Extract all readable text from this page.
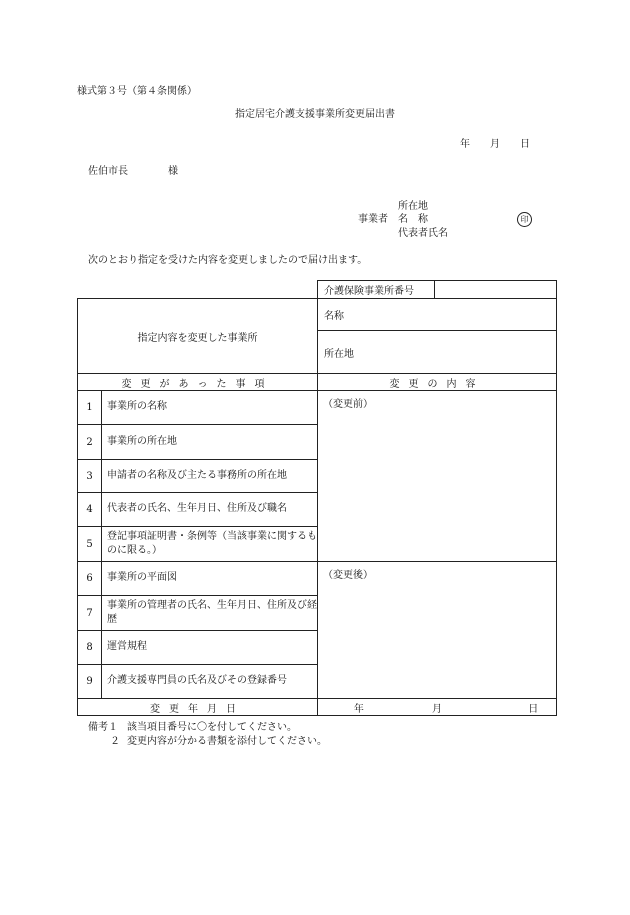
様式第３号（第４条関係）
指定居宅介護支援事業所変更届出書
年 月 日
佐伯市長	様
所在地
事業者 名　称
代表者氏名
印
次のとおり指定を受けた内容を変更しましたので届け出ます。
		介護保険事業所番号	
指定内容を変更した事業所		名称	
		所在地	
変更があった事項		変更の内容	
1	事業所の名称	（変更前）	
2	事業所の所在地		
3	申請者の名称及び主たる事務所の所在地		
4	代表者の氏名、生年月日、住所及び職名		
5	登記事項証明書・条例等（当該事業に関するものに限る。）		
6	事業所の平面図	（変更後）	
7	事業所の管理者の氏名、生年月日、住所及び経歴		
8	運営規程		
9	介護支援専門員の氏名及びその登録番号		
変更年月日		年 月 日	
備考１ 該当項目番号に〇を付してください。
２ 変更内容が分かる書類を添付してください。
